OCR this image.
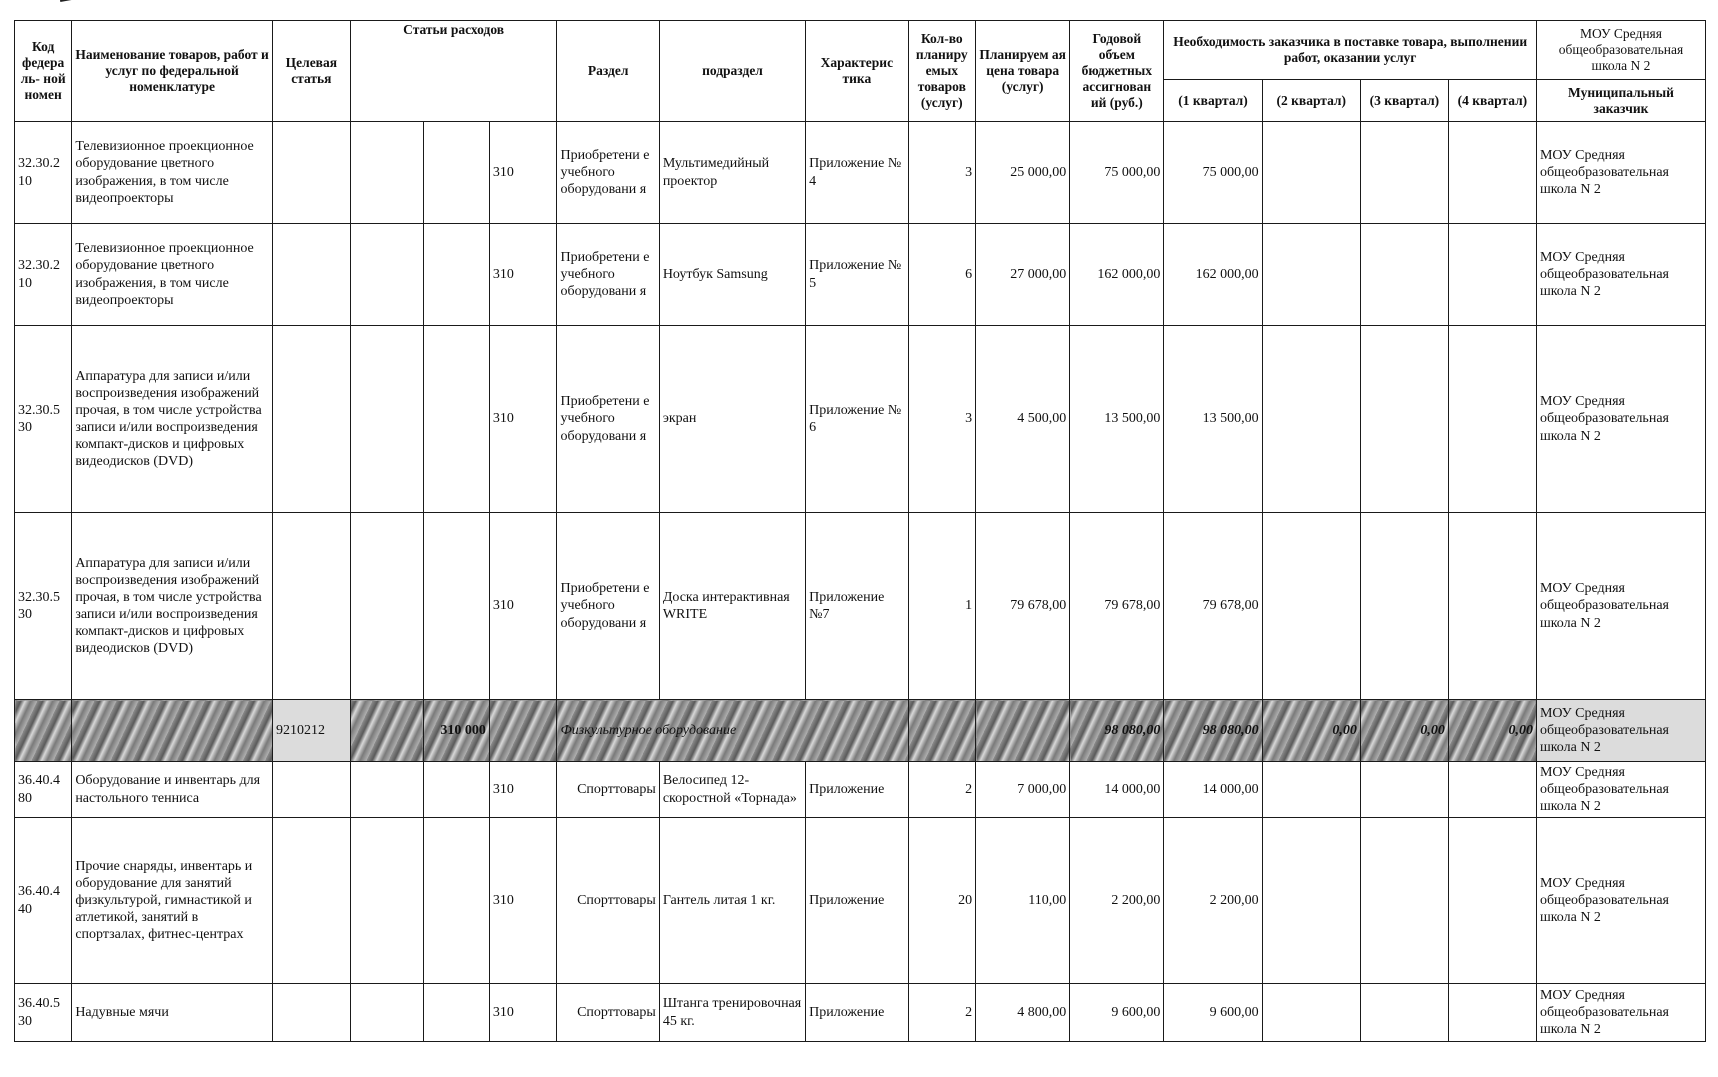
Код федера ль- ной номен	Наименование товаров, работ и услуг по федеральной номенклатуре	Целевая статья	Статьи расходов			Раздел	подраздел	Характерис тика	Кол-во планиру емых товаров (услуг)	Планируем ая цена товара (услуг)	Годовой объем бюджетных ассигнован ий (руб.)	Необходимость заказчика в поставке товара, выполнении работ, оказании услуг				МОУ Средняя общеобразовательная школа N 2
												(1 квартал)	(2 квартал)	(3 квартал)	(4 квартал)	Муниципальный заказчик
32.30.2 10	Телевизионное проекционное оборудование цветного изображения, в том числе видеопроекторы				310	Приобретени е учебного оборудовани я	Мультимедийный проектор	Приложение № 4	3	25 000,00	75 000,00	75 000,00				МОУ Средняя общеобразовательная школа N 2
32.30.2 10	Телевизионное проекционное оборудование цветного изображения, в том числе видеопроекторы				310	Приобретени е учебного оборудовани я	Ноутбук Samsung	Приложение № 5	6	27 000,00	162 000,00	162 000,00				МОУ Средняя общеобразовательная школа N 2
32.30.5 30	Аппаратура для записи и/или воспроизведения изображений прочая, в том числе устройства записи и/или воспроизведения компакт-дисков и цифровых видеодисков (DVD)				310	Приобретени е учебного оборудовани я	экран	Приложение № 6	3	4 500,00	13 500,00	13 500,00				МОУ Средняя общеобразовательная школа N 2
32.30.5 30	Аппаратура для записи и/или воспроизведения изображений прочая, в том числе устройства записи и/или воспроизведения компакт-дисков и цифровых видеодисков (DVD)				310	Приобретени е учебного оборудовани я	Доска интерактивная WRITE	Приложение №7	1	79 678,00	79 678,00	79 678,00				МОУ Средняя общеобразовательная школа N 2
		9210212		310 000		Физкультурное оборудование					98 080,00	98 080,00	0,00	0,00	0,00	МОУ Средняя общеобразовательная школа N 2
36.40.4 80	Оборудование и инвентарь для настольного тенниса				310	Спорттовары	Велосипед 12-скоростной «Торнада»	Приложение	2	7 000,00	14 000,00	14 000,00				МОУ Средняя общеобразовательная школа N 2
36.40.4 40	Прочие снаряды, инвентарь и оборудование для занятий физкультурой, гимнастикой и атлетикой, занятий в спортзалах, фитнес-центрах				310	Спорттовары	Гантель литая 1 кг.	Приложение	20	110,00	2 200,00	2 200,00				МОУ Средняя общеобразовательная школа N 2
36.40.5 30	Надувные мячи				310	Спорттовары	Штанга тренировочная 45 кг.	Приложение	2	4 800,00	9 600,00	9 600,00				МОУ Средняя общеобразовательная школа N 2
